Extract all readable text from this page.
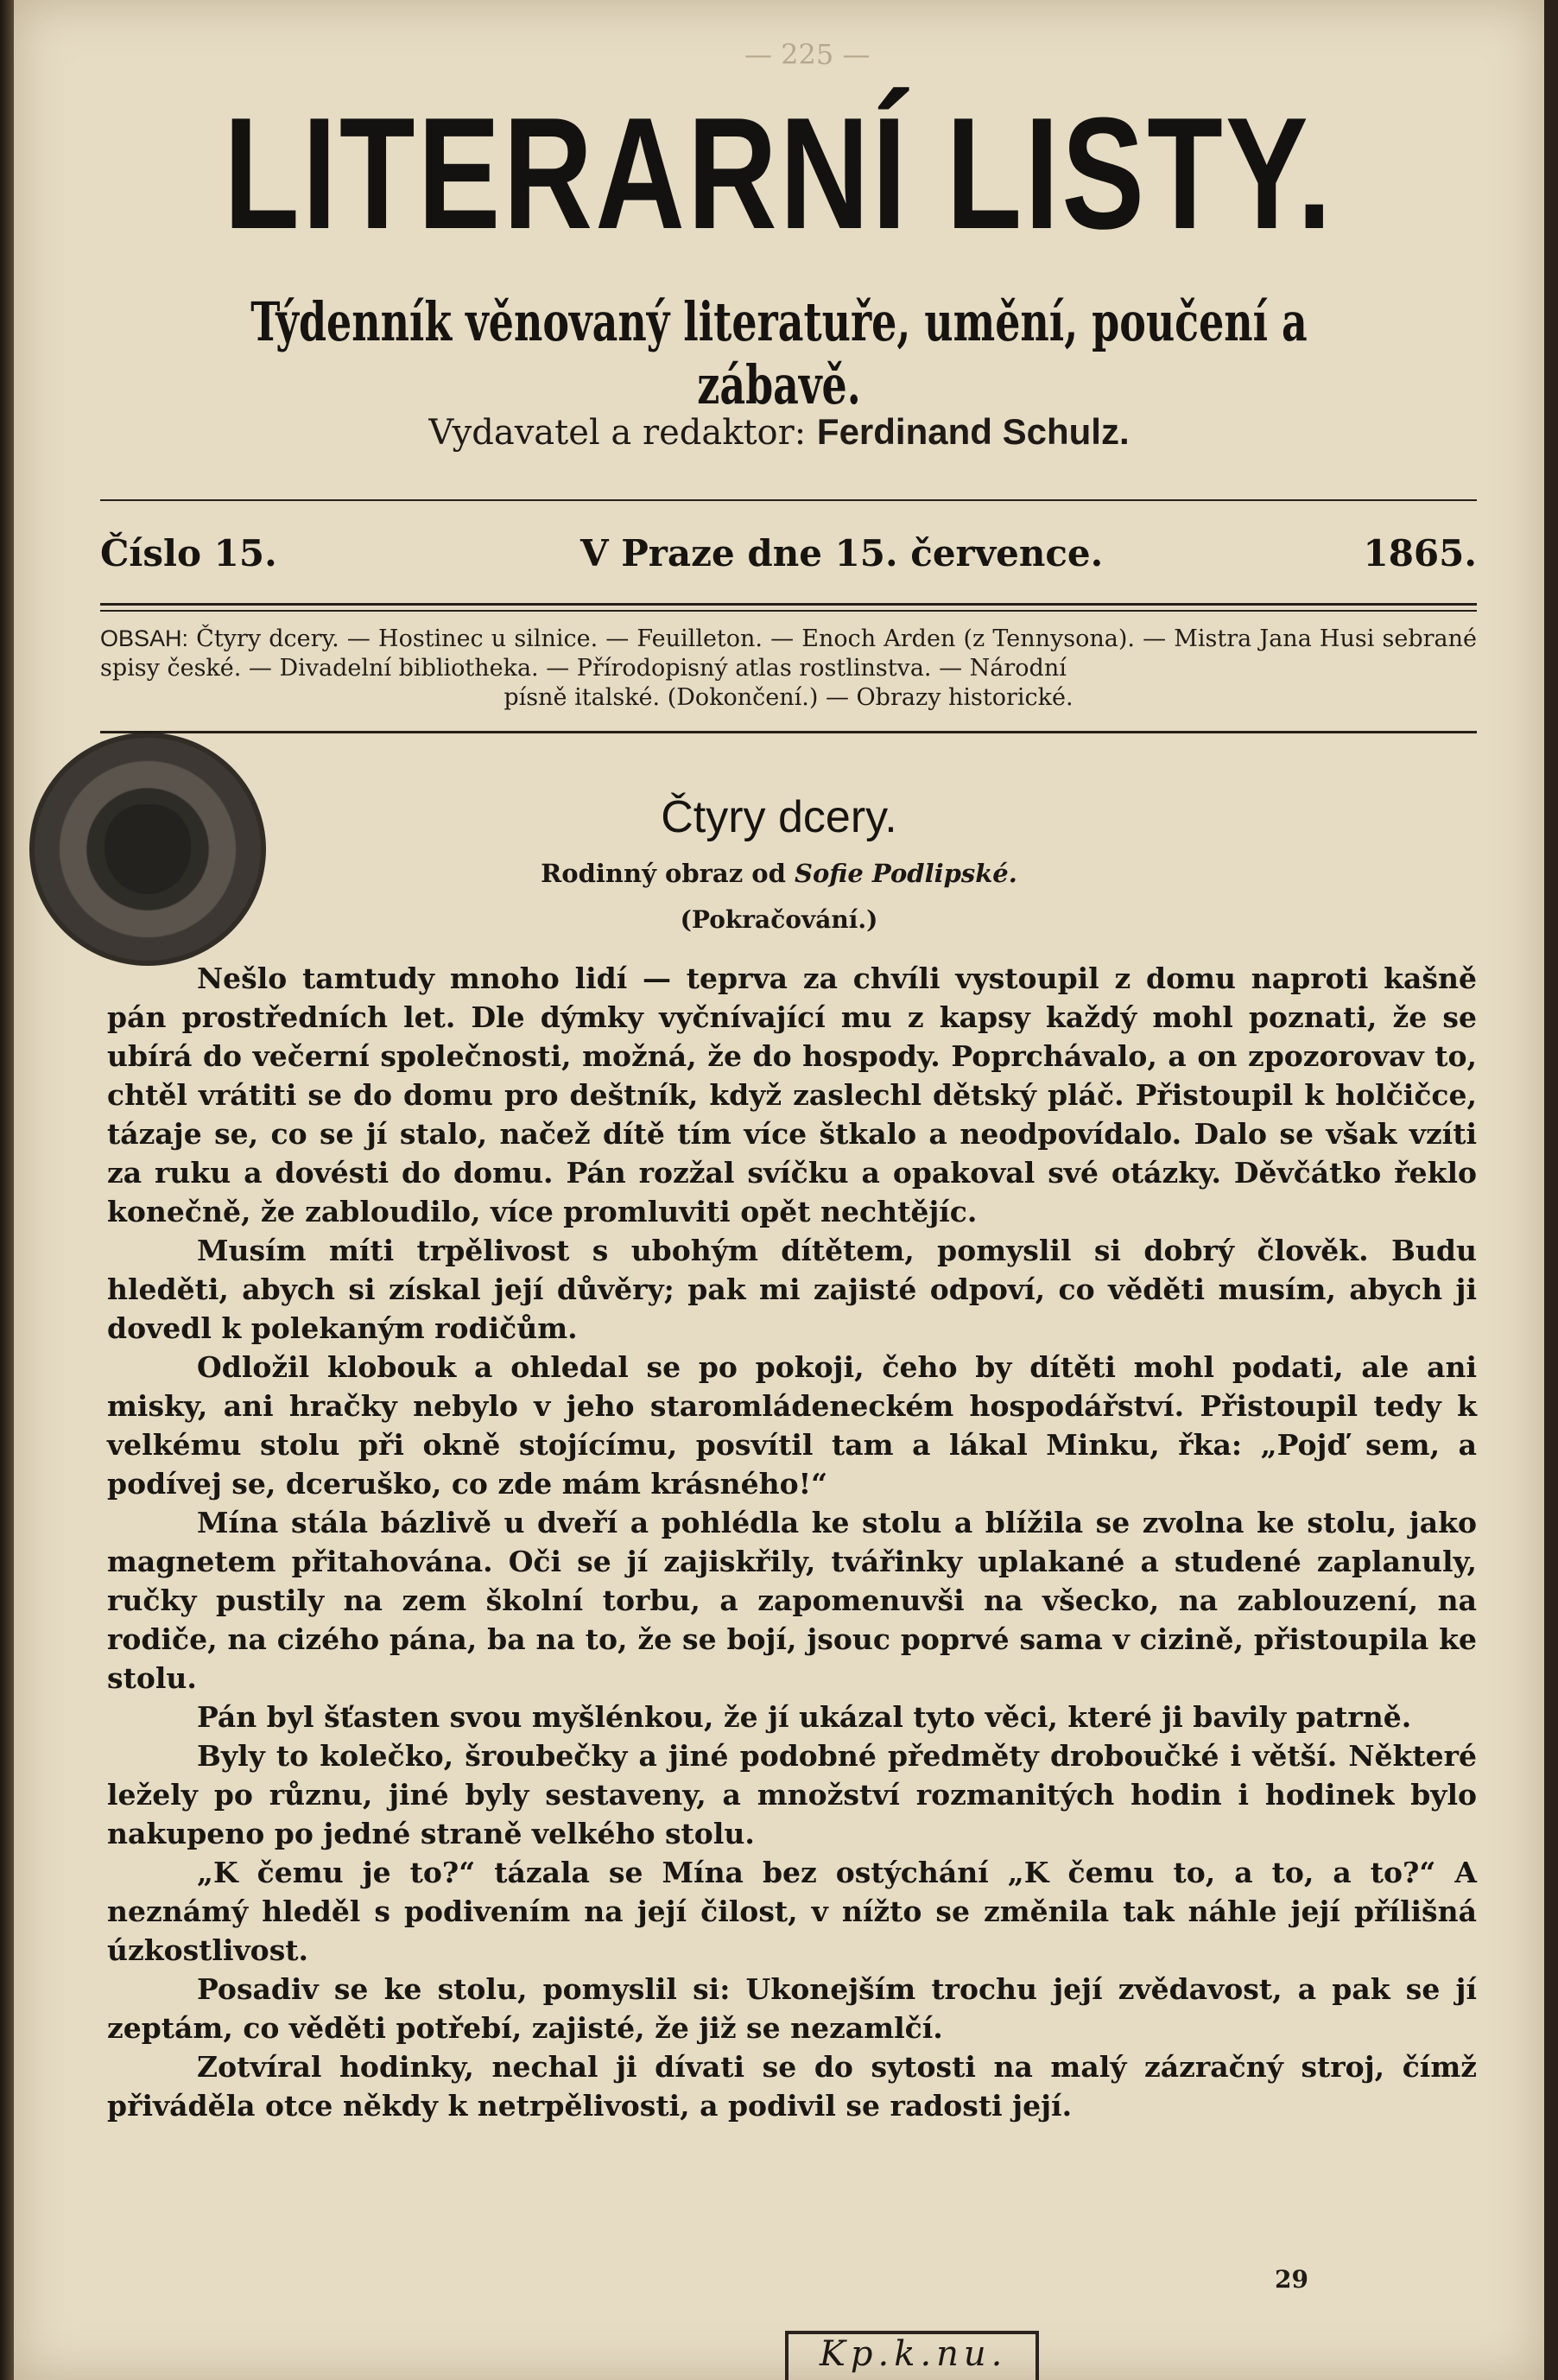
— 225 —
LITERARNÍ LISTY.
Týdenník věnovaný literatuře, umění, poučení a zábavě.
Vydavatel a redaktor: Ferdinand Schulz.
Číslo 15.	V Praze dne 15. července.	1865.
OBSAH: Čtyry dcery. — Hostinec u silnice. — Feuilleton. — Enoch Arden (z Tennysona). — Mistra Jana Husi sebrané spisy české. — Divadelní bibliotheka. — Přírodopisný atlas rostlinstva. — Národní
písně italské. (Dokončení.) — Obrazy historické.
Čtyry dcery.
Rodinný obraz od Sofie Podlipské.
(Pokračování.)

Nešlo tamtudy mnoho lidí — teprva za chvíli vystoupil z domu naproti kašně pán prostředních let. Dle dýmky vyčnívající mu z kapsy každý mohl poznati, že se ubírá do večerní společnosti, možná, že do hospody. Poprchávalo, a on zpozorovav to, chtěl vrátiti se do domu pro deštník, když zaslechl dětský pláč. Přistoupil k holčičce, tázaje se, co se jí stalo, načež dítě tím více štkalo a neodpovídalo. Dalo se však vzíti za ruku a dovésti do domu. Pán rozžal svíčku a opakoval své otázky. Děvčátko řeklo konečně, že zabloudilo, více promluviti opět nechtějíc.

Musím míti trpělivost s ubohým dítětem, pomyslil si dobrý člověk. Budu hleděti, abych si získal její důvěry; pak mi zajisté odpoví, co věděti musím, abych ji dovedl k polekaným rodičům.

Odložil klobouk a ohledal se po pokoji, čeho by dítěti mohl podati, ale ani misky, ani hračky nebylo v jeho staromládeneckém hospodářství. Přistoupil tedy k velkému stolu při okně stojícímu, posvítil tam a lákal Minku, řka: „Pojď sem, a podívej se, dceruško, co zde mám krásného!“

Mína stála bázlivě u dveří a pohlédla ke stolu a blížila se zvolna ke stolu, jako magnetem přitahována. Oči se jí zajiskřily, tvářinky uplakané a studené zaplanuly, ručky pustily na zem školní torbu, a zapomenuvši na všecko, na zablouzení, na rodiče, na cizého pána, ba na to, že se bojí, jsouc poprvé sama v cizině, přistoupila ke stolu.

Pán byl šťasten svou myšlénkou, že jí ukázal tyto věci, které ji bavily patrně.

Byly to kolečko, šroubečky a jiné podobné předměty droboučké i větší. Některé ležely po různu, jiné byly sestaveny, a množství rozmanitých hodin i hodinek bylo nakupeno po jedné straně velkého stolu.

„K čemu je to?“ tázala se Mína bez ostýchání „K čemu to, a to, a to?“ A neznámý hleděl s podivením na její čilost, v nížto se změnila tak náhle její přílišná úzkostlivost.

Posadiv se ke stolu, pomyslil si: Ukonejším trochu její zvědavost, a pak se jí zeptám, co věděti potřebí, zajisté, že již se nezamlčí.

Zotvíral hodinky, nechal ji dívati se do sytosti na malý zázračný stroj, čímž přiváděla otce někdy k netrpělivosti, a podivil se radosti její.

29
Kp.k.nu.
